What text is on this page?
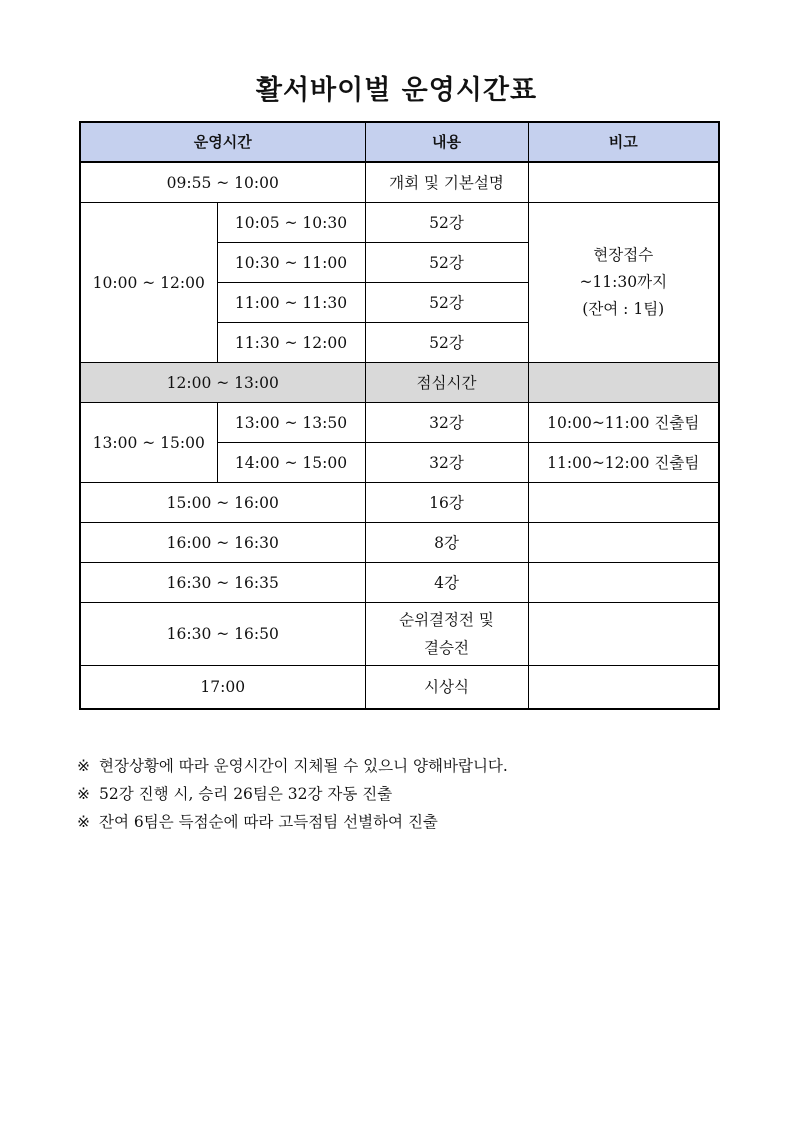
활서바이벌 운영시간표
운영시간		내용	비고
09:55 ~ 10:00		개회 및 기본설명	
10:00 ~ 12:00	10:05 ~ 10:30	52강	현장접수
~11:30까지
(잔여 : 1팀)

	10:30 ~ 11:00	52강	
	11:00 ~ 11:30	52강	
	11:30 ~ 12:00	52강	
12:00 ~ 13:00		점심시간	
13:00 ~ 15:00	13:00 ~ 13:50	32강	10:00~11:00 진출팀
	14:00 ~ 15:00	32강	11:00~12:00 진출팀
15:00 ~ 16:00		16강	
16:00 ~ 16:30		8강	
16:30 ~ 16:35		4강	
16:30 ~ 16:50		순위결정전 및
결승전	

17:00		시상식	
※ 현장상황에 따라 운영시간이 지체될 수 있으니 양해바랍니다.
※ 52강 진행 시, 승리 26팀은 32강 자동 진출
※ 잔여 6팀은 득점순에 따라 고득점팀 선별하여 진출
